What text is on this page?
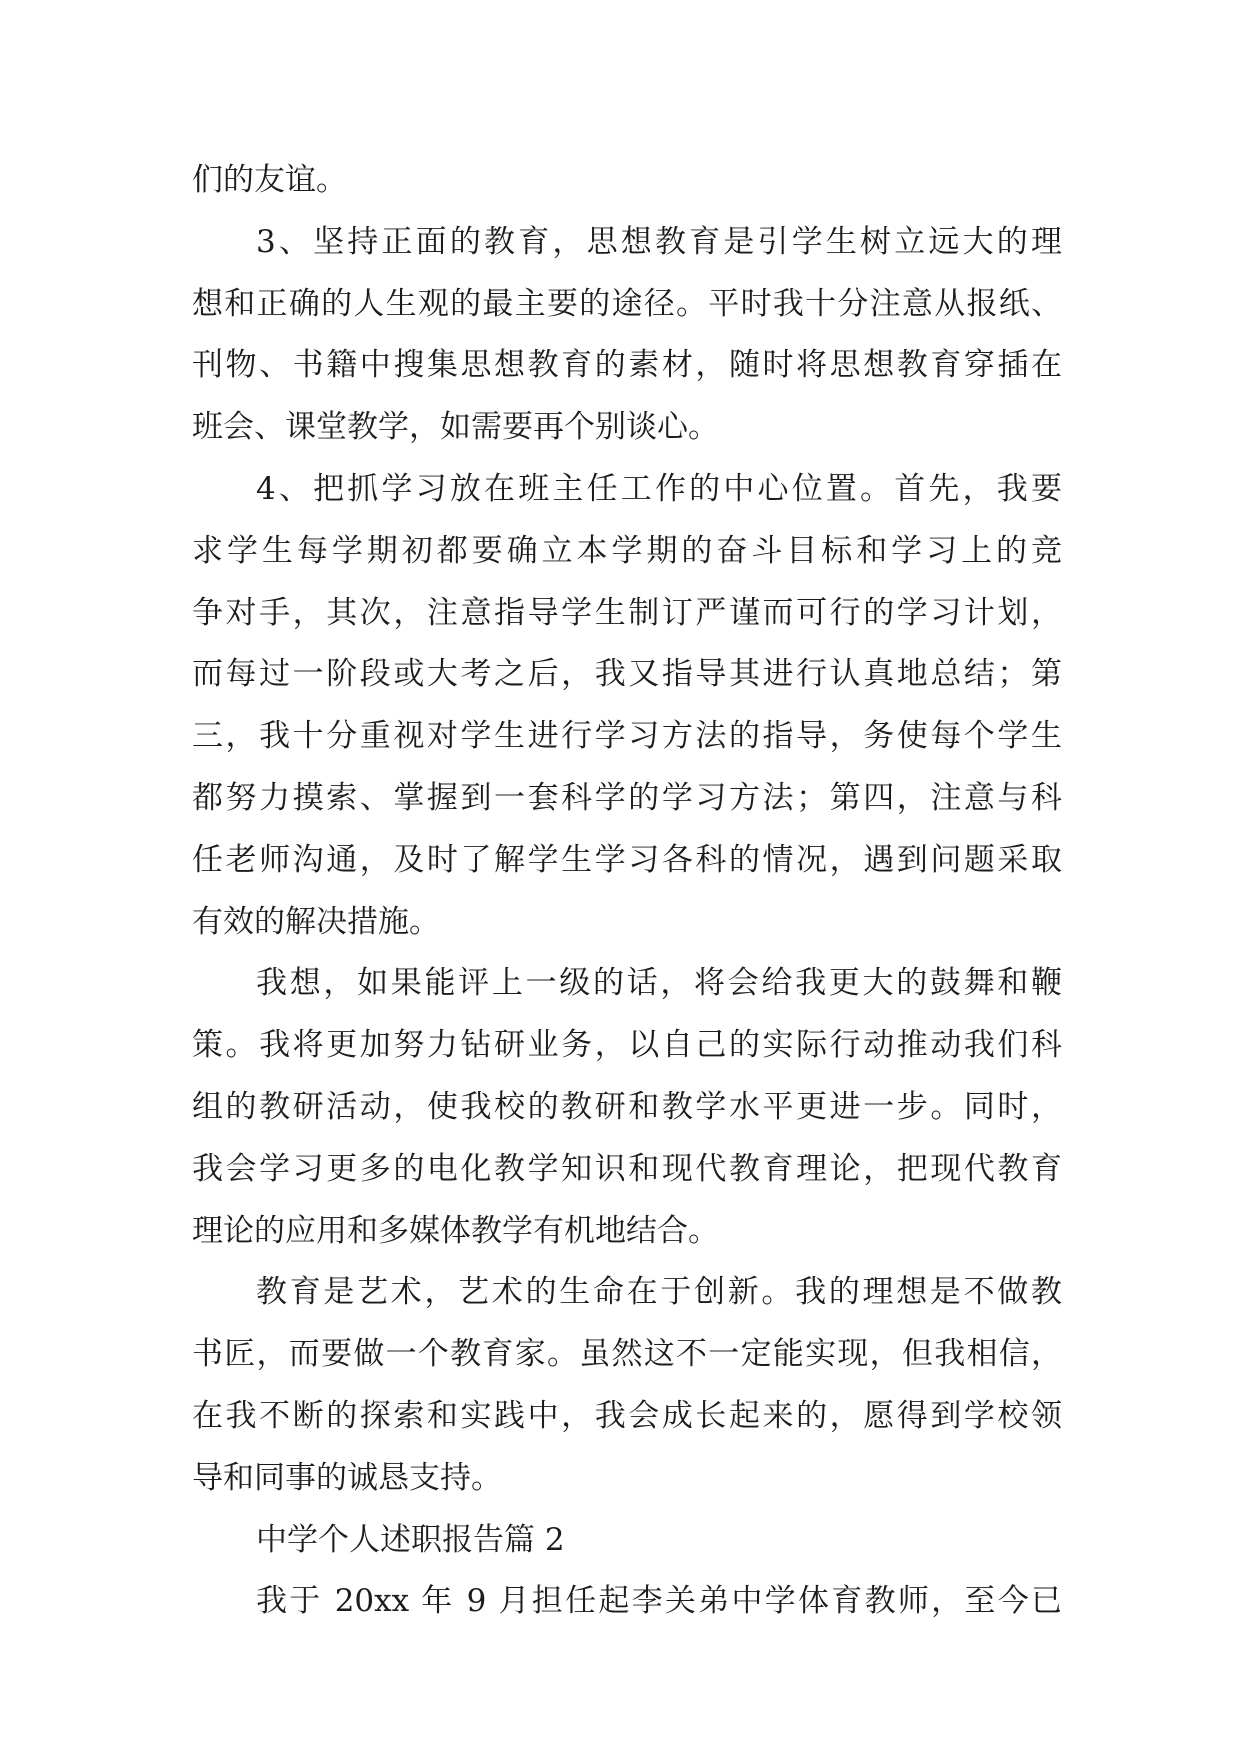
们的友谊。
3、坚持正面的教育，思想教育是引学生树立远大的理
想和正确的人生观的最主要的途径。平时我十分注意从报纸、
刊物、书籍中搜集思想教育的素材，随时将思想教育穿插在
班会、课堂教学，如需要再个别谈心。
4、把抓学习放在班主任工作的中心位置。首先，我要
求学生每学期初都要确立本学期的奋斗目标和学习上的竞
争对手，其次，注意指导学生制订严谨而可行的学习计划，
而每过一阶段或大考之后，我又指导其进行认真地总结；第
三，我十分重视对学生进行学习方法的指导，务使每个学生
都努力摸索、掌握到一套科学的学习方法；第四，注意与科
任老师沟通，及时了解学生学习各科的情况，遇到问题采取
有效的解决措施。
我想，如果能评上一级的话，将会给我更大的鼓舞和鞭
策。我将更加努力钻研业务，以自己的实际行动推动我们科
组的教研活动，使我校的教研和教学水平更进一步。同时，
我会学习更多的电化教学知识和现代教育理论，把现代教育
理论的应用和多媒体教学有机地结合。
教育是艺术，艺术的生命在于创新。我的理想是不做教
书匠，而要做一个教育家。虽然这不一定能实现，但我相信，
在我不断的探索和实践中，我会成长起来的，愿得到学校领
导和同事的诚恳支持。
中学个人述职报告篇 2
我于 20xx 年 9 月担任起李关弟中学体育教师，至今已
